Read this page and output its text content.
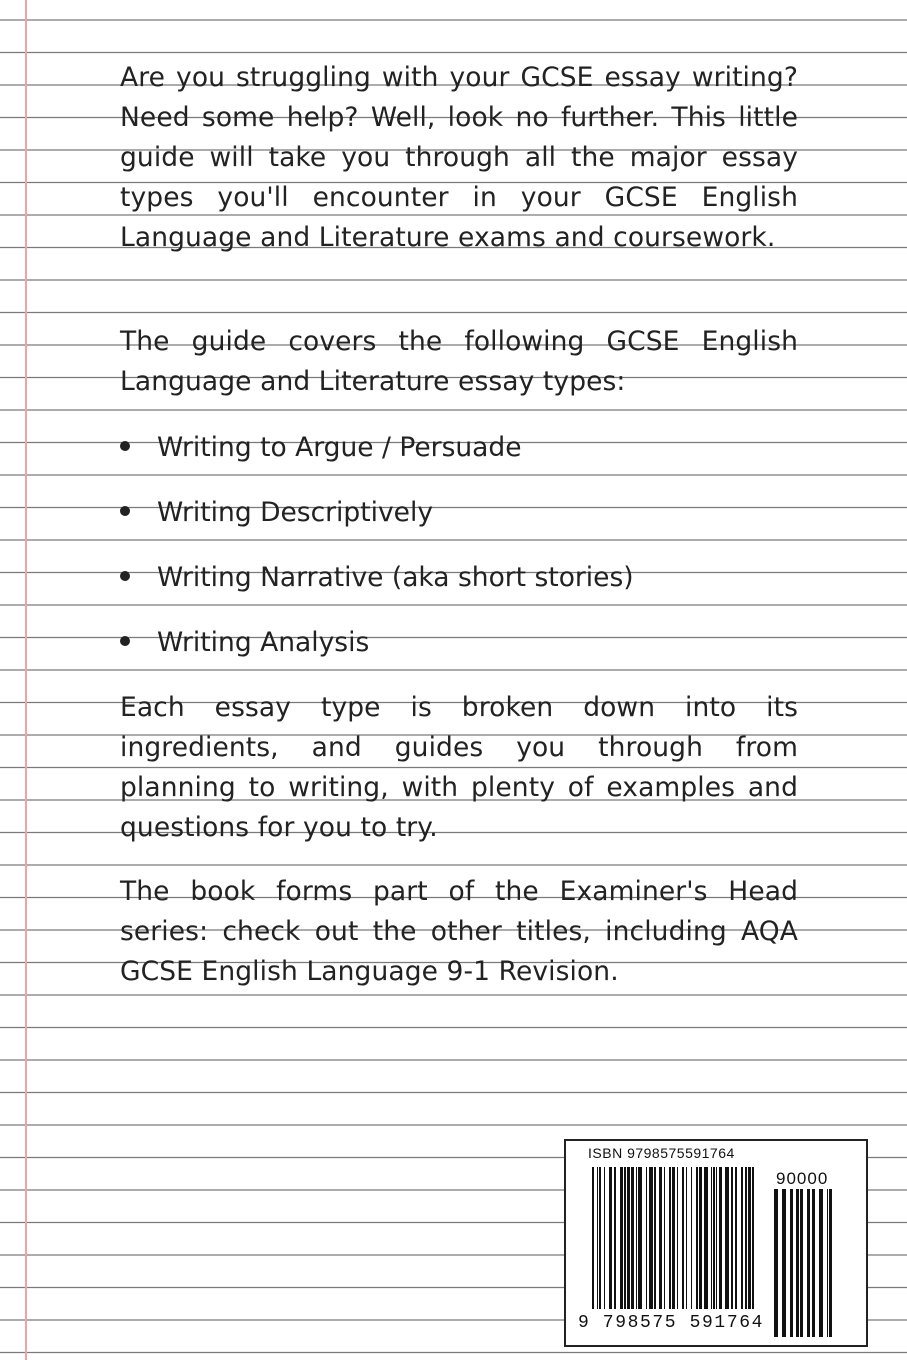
Are you struggling with your GCSE essay writing? Need some help? Well, look no further. This little guide will take you through all the major essay types you'll encounter in your GCSE English Language and Literature exams and coursework.

The guide covers the following GCSE English Language and Literature essay types:

Writing to Argue / Persuade
Writing Descriptively
Writing Narrative (aka short stories)
Writing Analysis

Each essay type is broken down into its ingredients, and guides you through from planning to writing, with plenty of examples and questions for you to try.

The book forms part of the Examiner's Head series: check out the other titles, including AQA GCSE English Language 9-1 Revision.

ISBN 9798575591764
90000
9 798575 591764
